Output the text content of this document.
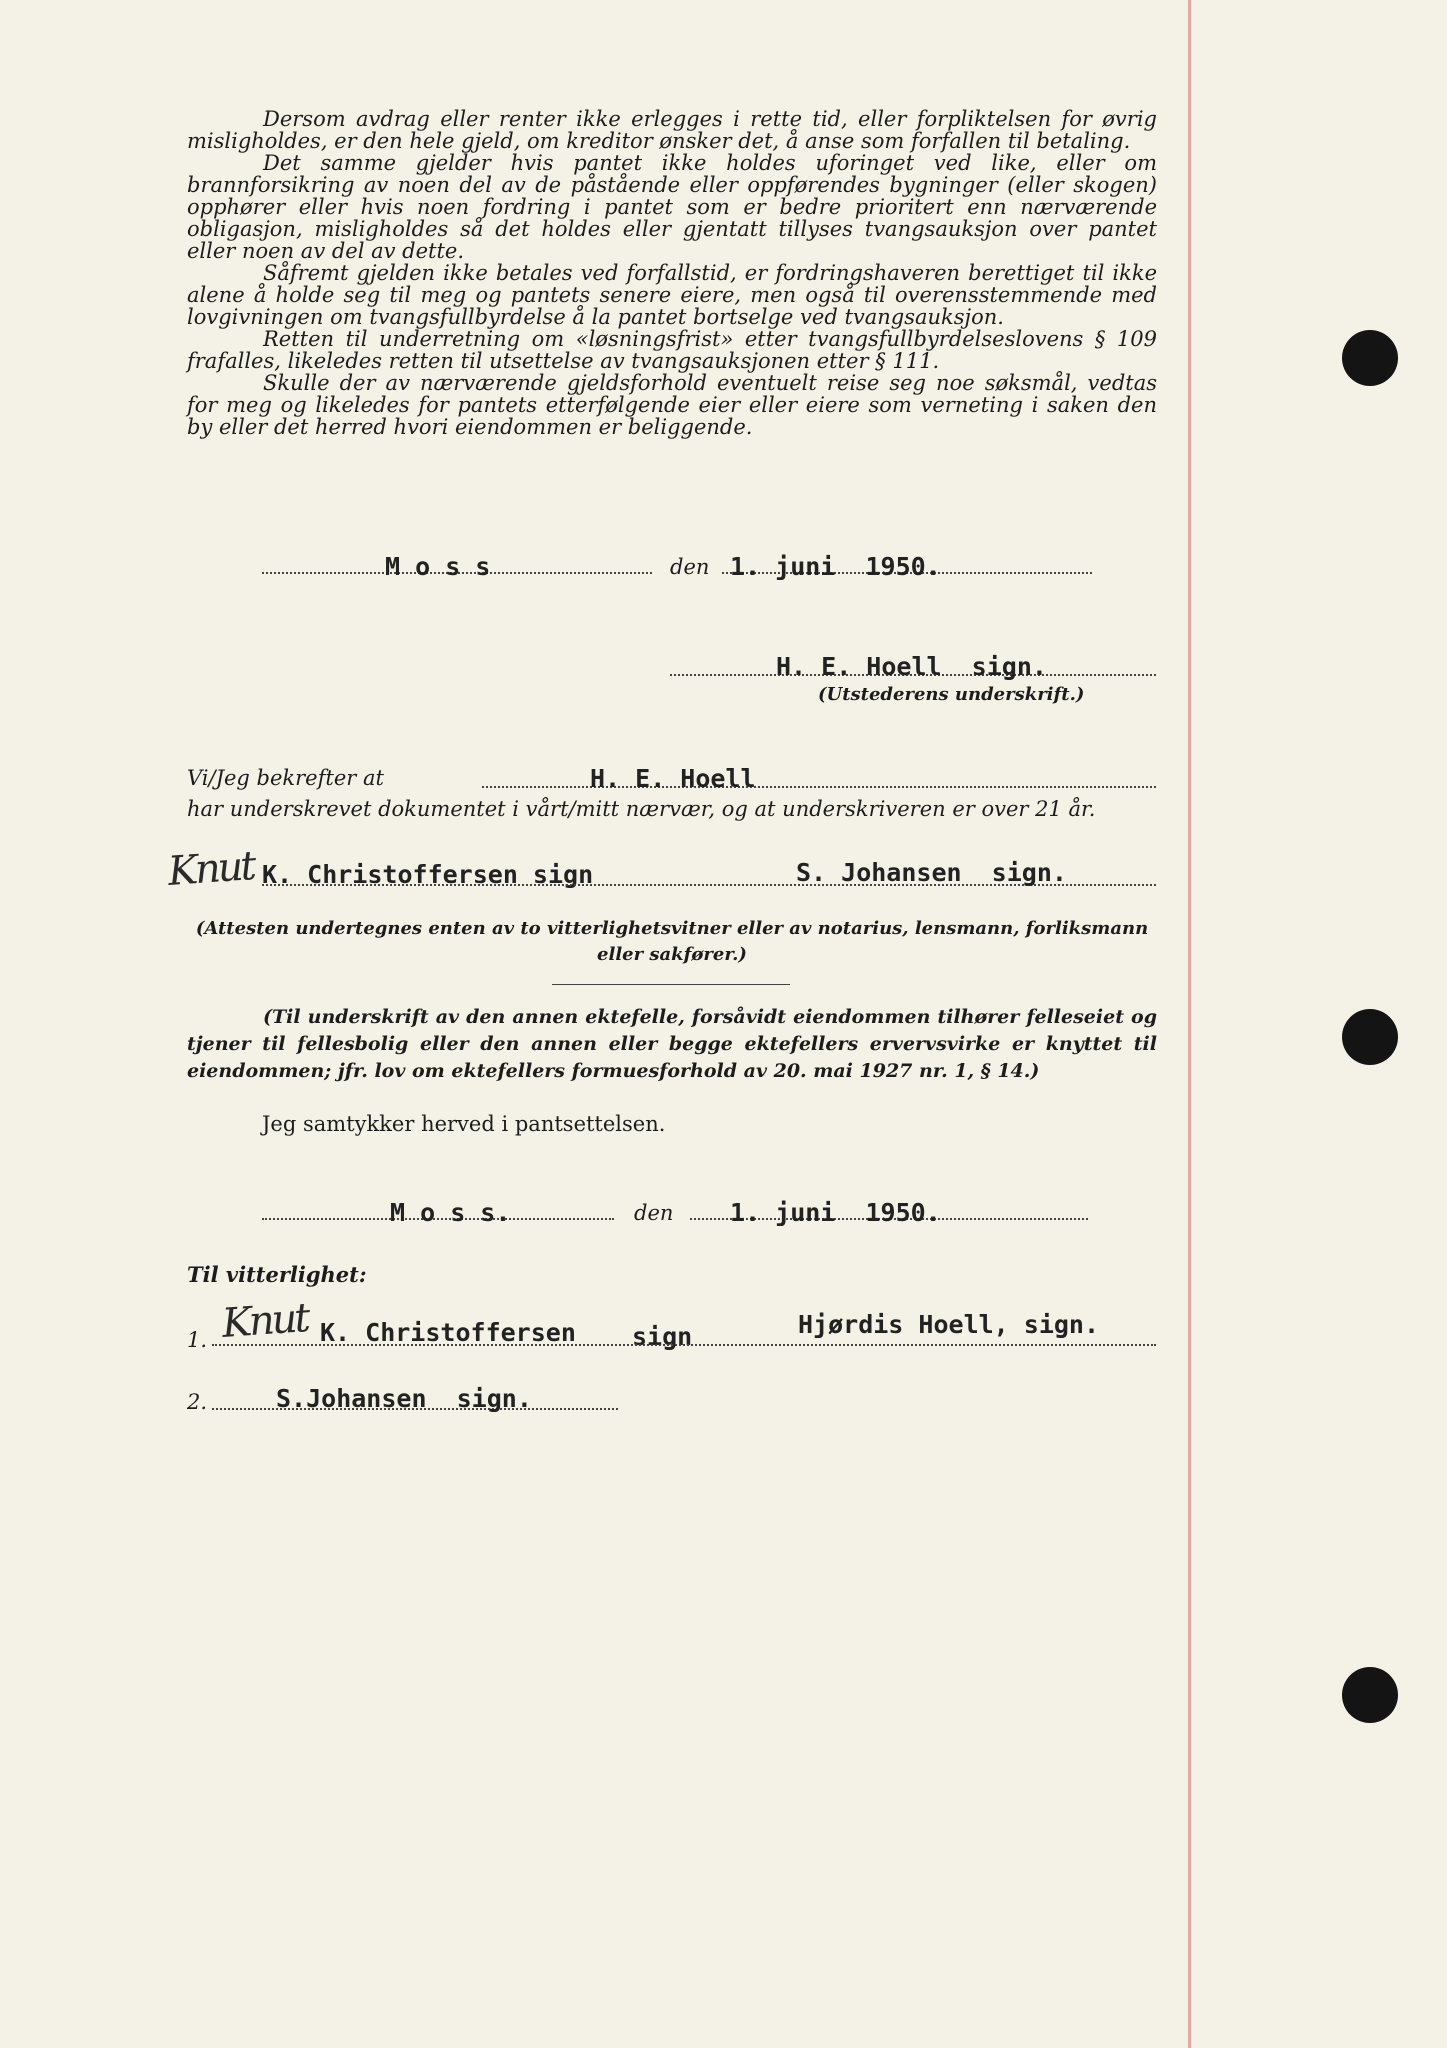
Dersom avdrag eller renter ikke erlegges i rette tid, eller forpliktelsen for øvrig misligholdes, er den hele gjeld, om kreditor ønsker det, å anse som forfallen til betaling.

Det samme gjelder hvis pantet ikke holdes uforinget ved like, eller om brannforsikring av noen del av de påstående eller oppførendes bygninger (eller skogen) opphører eller hvis noen fordring i pantet som er bedre prioritert enn nærværende obligasjon, misligholdes så det holdes eller gjentatt tillyses tvangsauksjon over pantet eller noen av del av dette.

Såfremt gjelden ikke betales ved forfallstid, er fordringshaveren berettiget til ikke alene å holde seg til meg og pantets senere eiere, men også til overensstemmende med lovgivningen om tvangsfullbyrdelse å la pantet bortselge ved tvangsauksjon.

Retten til underretning om «løsningsfrist» etter tvangsfullbyrdelseslovens § 109 frafalles, likeledes retten til utsettelse av tvangsauksjonen etter § 111.

Skulle der av nærværende gjeldsforhold eventuelt reise seg noe søksmål, vedtas for meg og likeledes for pantets etterfølgende eier eller eiere som verneting i saken den by eller det herred hvori eiendommen er beliggende.

M o s s	den 1. juni  1950.
H. E. Hoell  sign.
(Utstederens underskrift.)
Vi/Jeg bekrefter at	H. E. Hoell
har underskrevet dokumentet i vårt/mitt nærvær, og at underskriveren er over 21 år.
Knut K. Christoffersen sign	S. Johansen  sign.
(Attesten undertegnes enten av to vitterlighetsvitner eller av notarius, lensmann, forliksmann eller sakfører.)
(Til underskrift av den annen ektefelle, forsåvidt eiendommen tilhører felleseiet og tjener til fellesbolig eller den annen eller begge ektefellers ervervsvirke er knyttet til eiendommen; jfr. lov om ektefellers formuesforhold av 20. mai 1927 nr. 1, § 14.)
Jeg samtykker herved i pantsettelsen.
M o s s.	den 1. juni  1950.
Til vitterlighet:
1. Knut K. Christoffersen sign	Hjørdis Hoell, sign.
2.	S.Johansen  sign.
